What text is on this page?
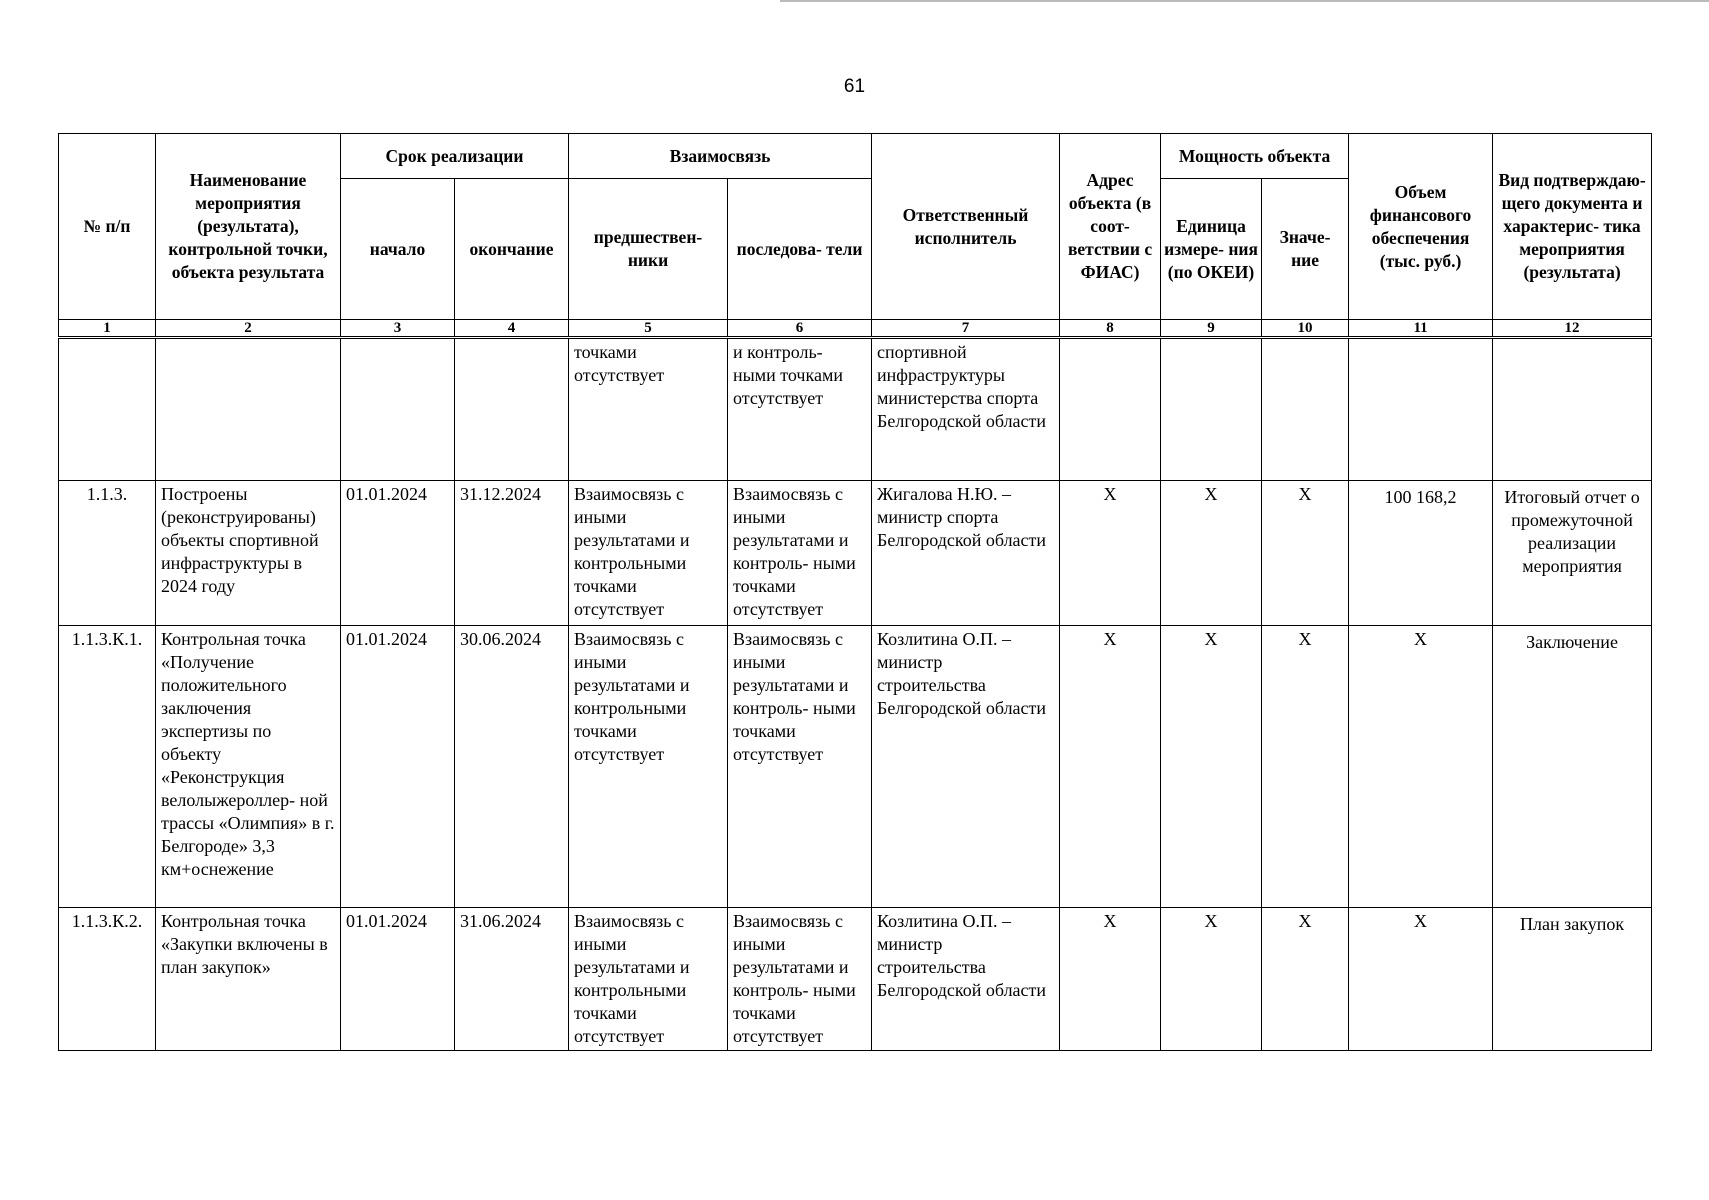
61
№ п/п	Наименование мероприятия (результата), контрольной точки, объекта результата	Срок реализации		Взаимосвязь		Ответственный исполнитель	Адрес объекта (в соот- ветствии с ФИАС)	Мощность объекта		Объем финансового обеспечения (тыс. руб.)	Вид подтверждаю- щего документа и характерис- тика мероприятия (результата)
		начало	окончание	предшествен- ники	последова- тели			Единица измере- ния (по ОКЕИ)	Значе- ние		
1	2	3	4	5	6	7	8	9	10	11	12
				точками отсутствует	и контроль- ными точками отсутствует	спортивной инфраструктуры министерства спорта Белгородской области					
1.1.3.	Построены (реконструированы) объекты спортивной инфраструктуры в 2024 году	01.01.2024	31.12.2024	Взаимосвязь с иными результатами и контрольными точками отсутствует	Взаимосвязь с иными результатами и контроль- ными точками отсутствует	Жигалова Н.Ю. – министр спорта Белгородской области	X	X	X	100 168,2	Итоговый отчет о промежуточной реализации мероприятия
1.1.3.К.1.	Контрольная точка «Получение положительного заключения экспертизы по объекту «Реконструкция велолыжероллер- ной трассы «Олимпия» в г. Белгороде» 3,3 км+оснежение	01.01.2024	30.06.2024	Взаимосвязь с иными результатами и контрольными точками отсутствует	Взаимосвязь с иными результатами и контроль- ными точками отсутствует	Козлитина О.П. – министр строительства Белгородской области	X	X	X	X	Заключение
1.1.3.К.2.	Контрольная точка «Закупки включены в план закупок»	01.01.2024	31.06.2024	Взаимосвязь с иными результатами и контрольными точками отсутствует	Взаимосвязь с иными результатами и контроль- ными точками отсутствует	Козлитина О.П. – министр строительства Белгородской области	X	X	X	X	План закупок
